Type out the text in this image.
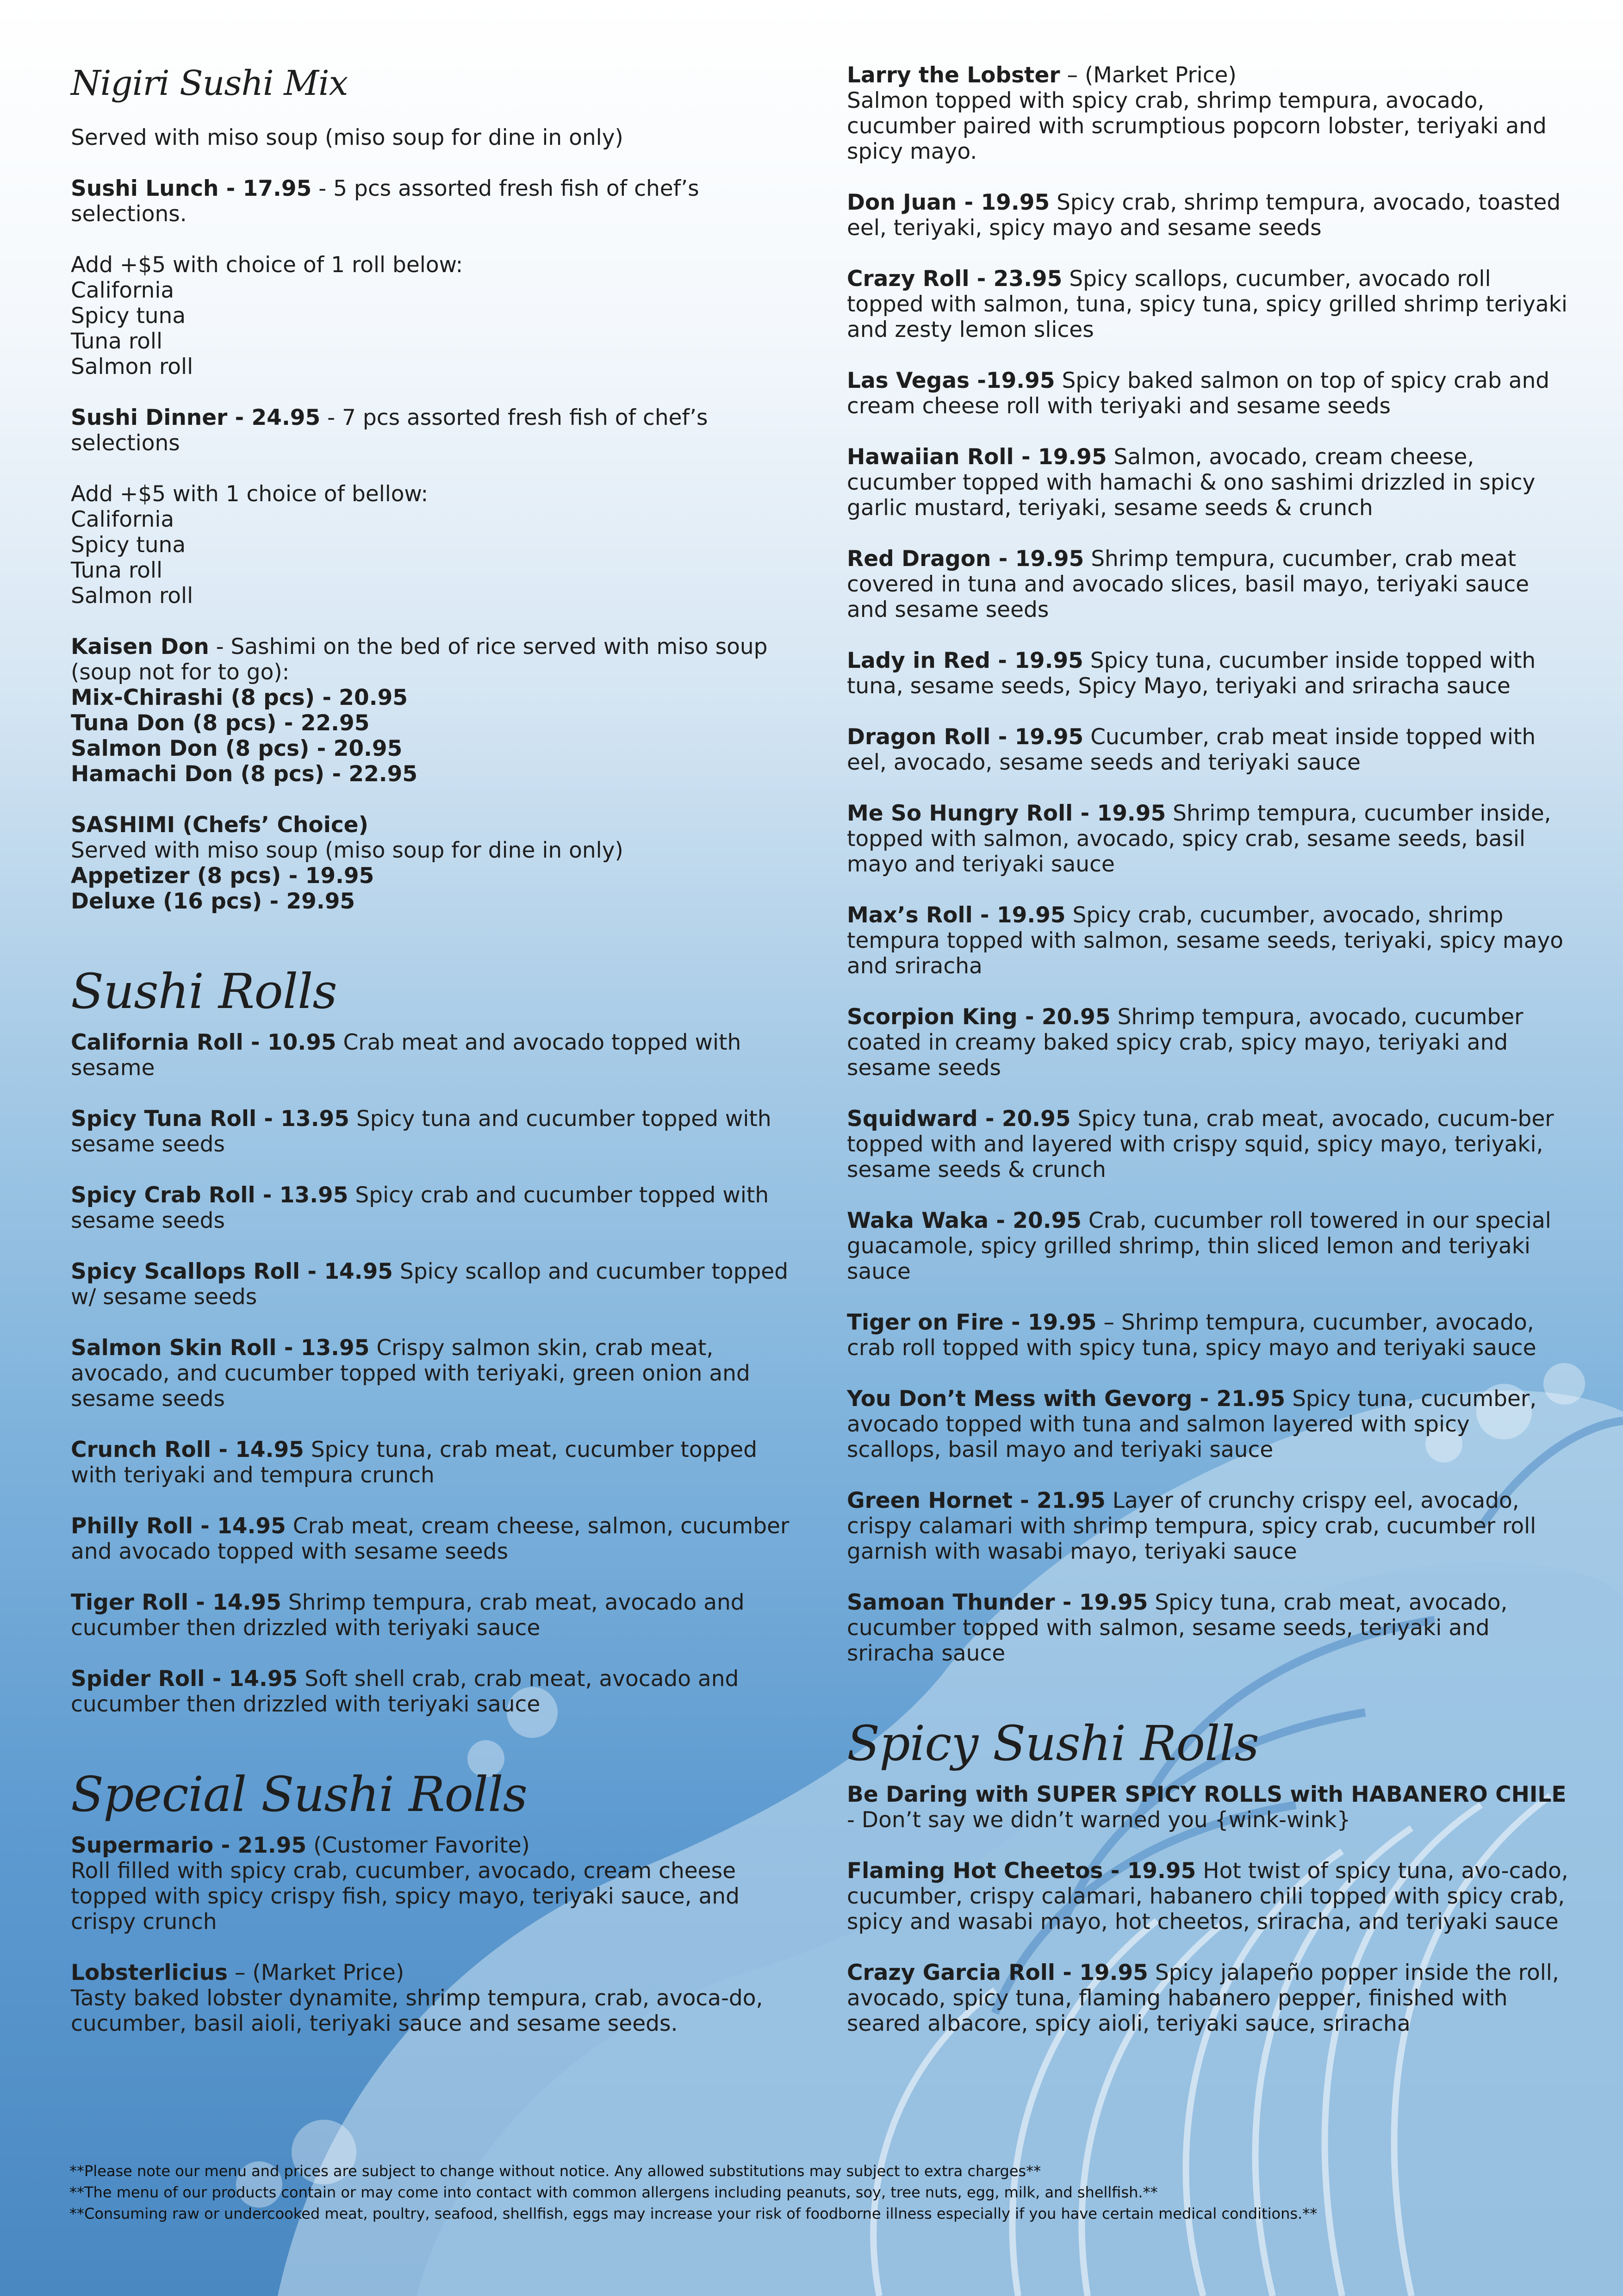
Nigiri Sushi Mix
Served with miso soup (miso soup for dine in only)
Sushi Lunch - 17.95 - 5 pcs assorted fresh fish of chef’s selections.
Add +$5 with choice of 1 roll below:
California
Spicy tuna
Tuna roll
Salmon roll
Sushi Dinner - 24.95 - 7 pcs assorted fresh fish of chef’s selections
Add +$5 with 1 choice of bellow:
California
Spicy tuna
Tuna roll
Salmon roll
Kaisen Don - Sashimi on the bed of rice served with miso soup (soup not for to go):
Mix-Chirashi (8 pcs) - 20.95
Tuna Don (8 pcs) - 22.95
Salmon Don (8 pcs) - 20.95
Hamachi Don (8 pcs) - 22.95
SASHIMI (Chefs’ Choice)
Served with miso soup (miso soup for dine in only)
Appetizer (8 pcs) - 19.95
Deluxe (16 pcs) - 29.95
Sushi Rolls
California Roll - 10.95 Crab meat and avocado topped with sesame
Spicy Tuna Roll - 13.95 Spicy tuna and cucumber topped with sesame seeds
Spicy Crab Roll - 13.95 Spicy crab and cucumber topped with sesame seeds
Spicy Scallops Roll - 14.95 Spicy scallop and cucumber topped w/ sesame seeds
Salmon Skin Roll - 13.95 Crispy salmon skin, crab meat, avocado, and cucumber topped with teriyaki, green onion and sesame seeds
Crunch Roll - 14.95 Spicy tuna, crab meat, cucumber topped with teriyaki and tempura crunch
Philly Roll - 14.95 Crab meat, cream cheese, salmon, cucumber and avocado topped with sesame seeds
Tiger Roll - 14.95 Shrimp tempura, crab meat, avocado and cucumber then drizzled with teriyaki sauce
Spider Roll - 14.95 Soft shell crab, crab meat, avocado and cucumber then drizzled with teriyaki sauce
Special Sushi Rolls
Supermario - 21.95 (Customer Favorite)
Roll filled with spicy crab, cucumber, avocado, cream cheese topped with spicy crispy fish, spicy mayo, teriyaki sauce, and crispy crunch
Lobsterlicius – (Market Price)
Tasty baked lobster dynamite, shrimp tempura, crab, avoca-do, cucumber, basil aioli, teriyaki sauce and sesame seeds.
Larry the Lobster – (Market Price)
Salmon topped with spicy crab, shrimp tempura, avocado, cucumber paired with scrumptious popcorn lobster, teriyaki and spicy mayo.
Don Juan - 19.95 Spicy crab, shrimp tempura, avocado, toasted eel, teriyaki, spicy mayo and sesame seeds
Crazy Roll - 23.95 Spicy scallops, cucumber, avocado roll topped with salmon, tuna, spicy tuna, spicy grilled shrimp teriyaki and zesty lemon slices
Las Vegas -19.95 Spicy baked salmon on top of spicy crab and cream cheese roll with teriyaki and sesame seeds
Hawaiian Roll - 19.95 Salmon, avocado, cream cheese, cucumber topped with hamachi & ono sashimi drizzled in spicy garlic mustard, teriyaki, sesame seeds & crunch
Red Dragon - 19.95 Shrimp tempura, cucumber, crab meat covered in tuna and avocado slices, basil mayo, teriyaki sauce and sesame seeds
Lady in Red - 19.95 Spicy tuna, cucumber inside topped with tuna, sesame seeds, Spicy Mayo, teriyaki and sriracha sauce
Dragon Roll - 19.95 Cucumber, crab meat inside topped with eel, avocado, sesame seeds and teriyaki sauce
Me So Hungry Roll - 19.95 Shrimp tempura, cucumber inside, topped with salmon, avocado, spicy crab, sesame seeds, basil mayo and teriyaki sauce
Max’s Roll - 19.95 Spicy crab, cucumber, avocado, shrimp tempura topped with salmon, sesame seeds, teriyaki, spicy mayo and sriracha
Scorpion King - 20.95 Shrimp tempura, avocado, cucumber coated in creamy baked spicy crab, spicy mayo, teriyaki and sesame seeds
Squidward - 20.95 Spicy tuna, crab meat, avocado, cucum-ber topped with and layered with crispy squid, spicy mayo, teriyaki, sesame seeds & crunch
Waka Waka - 20.95 Crab, cucumber roll towered in our special guacamole, spicy grilled shrimp, thin sliced lemon and teriyaki sauce
Tiger on Fire - 19.95 – Shrimp tempura, cucumber, avocado, crab roll topped with spicy tuna, spicy mayo and teriyaki sauce
You Don’t Mess with Gevorg - 21.95 Spicy tuna, cucumber, avocado topped with tuna and salmon layered with spicy scallops, basil mayo and teriyaki sauce
Green Hornet - 21.95 Layer of crunchy crispy eel, avocado, crispy calamari with shrimp tempura, spicy crab, cucumber roll garnish with wasabi mayo, teriyaki sauce
Samoan Thunder - 19.95 Spicy tuna, crab meat, avocado, cucumber topped with salmon, sesame seeds, teriyaki and sriracha sauce
Spicy Sushi Rolls
Be Daring with SUPER SPICY ROLLS with HABANERO CHILE - Don’t say we didn’t warned you {wink-wink}
Flaming Hot Cheetos - 19.95 Hot twist of spicy tuna, avo-cado, cucumber, crispy calamari, habanero chili topped with spicy crab, spicy and wasabi mayo, hot cheetos, sriracha, and teriyaki sauce
Crazy Garcia Roll - 19.95 Spicy jalapeño popper inside the roll, avocado, spicy tuna, flaming habanero pepper, finished with seared albacore, spicy aioli, teriyaki sauce, sriracha
**Please note our menu and prices are subject to change without notice. Any allowed substitutions may subject to extra charges**
**The menu of our products contain or may come into contact with common allergens including peanuts, soy, tree nuts, egg, milk, and shellfish.**
**Consuming raw or undercooked meat, poultry, seafood, shellfish, eggs may increase your risk of foodborne illness especially if you have certain medical conditions.**
